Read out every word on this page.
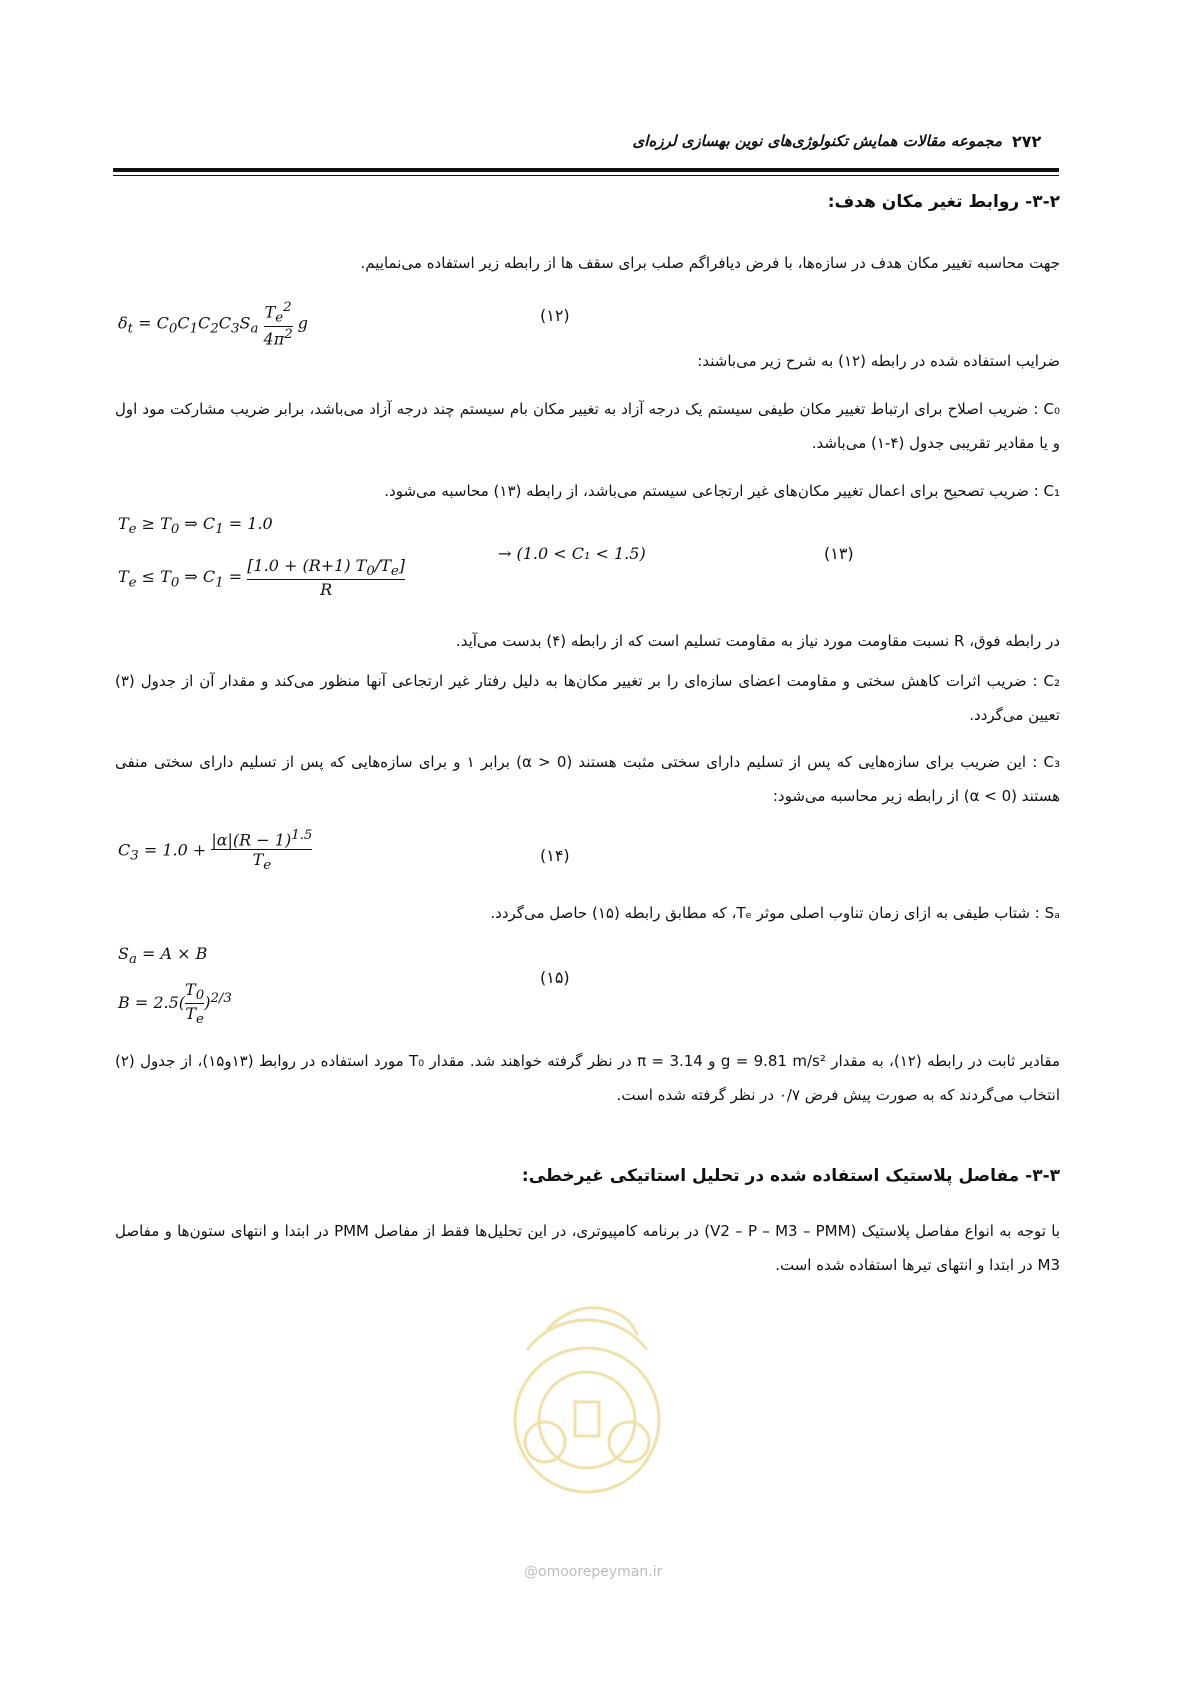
مجموعه مقالات همایش تکنولوژی‌های نوین بهسازی لرزه‌ای ۲۷۲
۳-۲- روابط تغیر مکان هدف:
جهت محاسبه تغییر مکان هدف در سازه‌ها، با فرض دیافراگم صلب برای سقف ها از رابطه زیر استفاده می‌نماییم.
$\delta_t = C_0C_1C_2C_3S_a \frac{T_e^2}{4\pi^2}$ g	(۱۲)
ضرایب استفاده شده در رابطه (۱۲) به شرح زیر می‌باشند:
C₀ : ضریب اصلاح برای ارتباط تغییر مکان طیفی سیستم یک درجه آزاد به تغییر مکان بام سیستم چند درجه آزاد می‌باشد، برابر ضریب مشارکت مود اول و یا مقادیر تقریبی جدول (۴-۱) می‌باشد.
C₁ : ضریب تصحیح برای اعمال تغییر مکان‌های غیر ارتجاعی سیستم می‌باشد، از رابطه (۱۳) محاسبه می‌شود.
$T_e \ge T_0$ ⇒ $C_1 = 1.0$
$T_e \le T_0$ ⇒ $C_1 = \frac{[1.0 + (R+1) T_0/T_e]}{R}$
→ (1.0 < C₁ < 1.5)	(۱۳)
در رابطه فوق، R نسبت مقاومت مورد نیاز به مقاومت تسلیم است که از رابطه (۴) بدست می‌آید.
C₂ : ضریب اثرات کاهش سختی و مقاومت اعضای سازه‌ای را بر تغییر مکان‌ها به دلیل رفتار غیر ارتجاعی آنها منظور می‌کند و مقدار آن از جدول (۳) تعیین می‌گردد.
C₃ : این ضریب برای سازه‌هایی که پس از تسلیم دارای سختی مثبت هستند (0 < α) برابر ۱ و برای سازه‌هایی که پس از تسلیم دارای سختی منفی هستند (0 > α) از رابطه زیر محاسبه می‌شود:
$C_3 = 1.0 + \frac{|\alpha|(R - 1)^{1.5}}{T_e}$	(۱۴)
Sₐ : شتاب طیفی به ازای زمان تناوب اصلی موثر Tₑ، که مطابق رابطه (۱۵) حاصل می‌گردد.
$S_a = A \times B$
$B = 2.5( \frac{T_0}{T_e} )^{2/3}$
(۱۵)
مقادیر ثابت در رابطه (۱۲)، به مقدار g = 9.81 m/s² و π = 3.14 در نظر گرفته خواهند شد. مقدار T₀ مورد استفاده در روابط (۱۳و۱۵)، از جدول (۲) انتخاب می‌گردند که به صورت پیش فرض ۰/۷ در نظر گرفته شده است.
۳-۳- مفاصل پلاستیک استفاده شده در تحلیل استاتیکی غیرخطی:
با توجه به انواع مفاصل پلاستیک (V2 – P – M3 – PMM) در برنامه کامپیوتری، در این تحلیل‌ها فقط از مفاصل PMM در ابتدا و انتهای ستون‌ها و مفاصل M3 در ابتدا و انتهای تیرها استفاده شده است.
@omoorepeyman.ir
